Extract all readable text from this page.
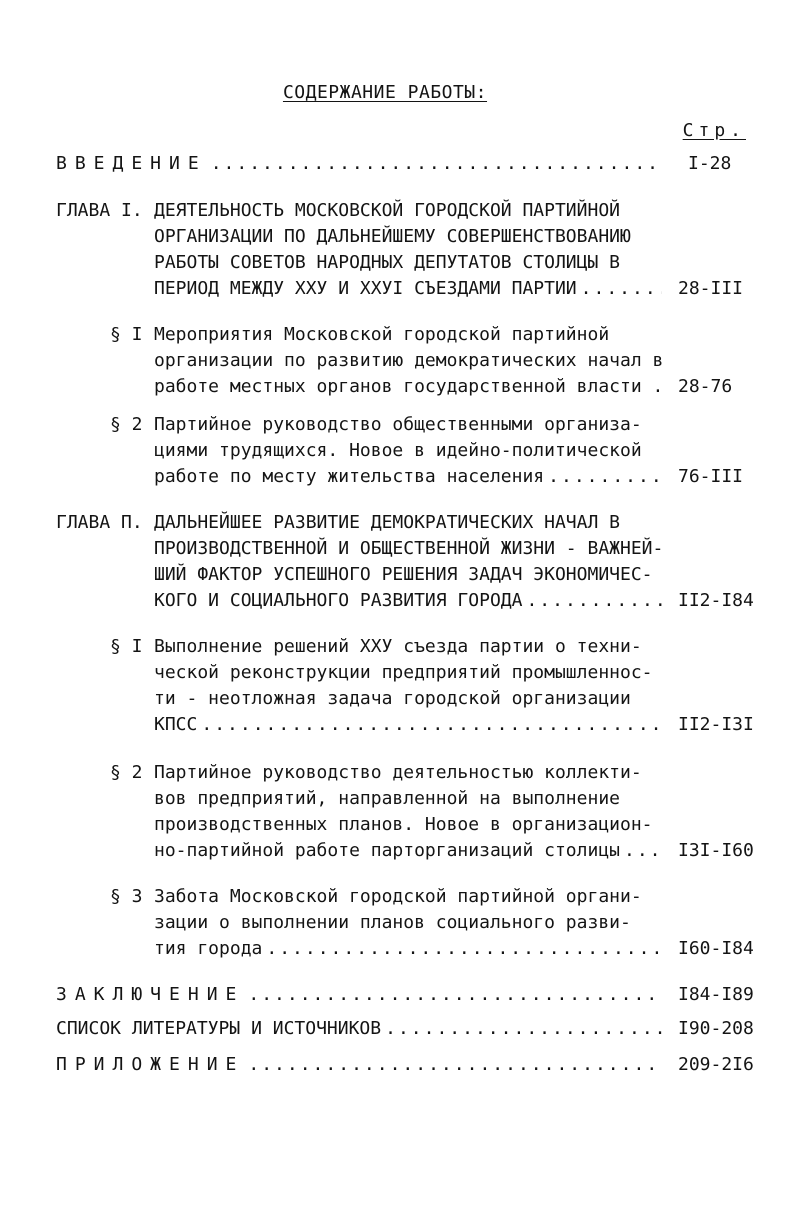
СОДЕРЖАНИЕ РАБОТЫ:
Стр.
ВВЕДЕНИЕ .....	I-28
ГЛАВА I. ДЕЯТЕЛЬНОСТЬ МОСКОВСКОЙ ГОРОДСКОЙ ПАРТИЙНОЙ
ОРГАНИЗАЦИИ ПО ДАЛЬНЕЙШЕМУ СОВЕРШЕНСТВОВАНИЮ
РАБОТЫ СОВЕТОВ НАРОДНЫХ ДЕПУТАТОВ СТОЛИЦЫ В
ПЕРИОД МЕЖДУ XXУ И XXУI СЪЕЗДАМИ ПАРТИИ .....	28-III
§ I Мероприятия Московской городской партийной
организации по развитию демократических начал в
работе местных органов государственной власти . 28-76
§ 2 Партийное руководство общественными организа-
циями трудящихся. Новое в идейно-политической
работе по месту жительства населения .....	76-III
ГЛАВА П. ДАЛЬНЕЙШЕЕ РАЗВИТИЕ ДЕМОКРАТИЧЕСКИХ НАЧАЛ В
ПРОИЗВОДСТВЕННОЙ И ОБЩЕСТВЕННОЙ ЖИЗНИ - ВАЖНЕЙ-
ШИЙ ФАКТОР УСПЕШНОГО РЕШЕНИЯ ЗАДАЧ ЭКОНОМИЧЕС-
КОГО И СОЦИАЛЬНОГО РАЗВИТИЯ ГОРОДА .....	II2-I84
§ I Выполнение решений XXУ съезда партии о техни-
ческой реконструкции предприятий промышленнос-
ти - неотложная задача городской организации
КПСС .....	II2-I3I
§ 2 Партийное руководство деятельностью коллекти-
вов предприятий, направленной на выполнение
производственных планов. Новое в организацион-
но-партийной работе парторганизаций столицы .....	I3I-I60
§ 3 Забота Московской городской партийной органи-
зации о выполнении планов социального разви-
тия города .....	I60-I84
ЗАКЛЮЧЕНИЕ .....	I84-I89
СПИСОК ЛИТЕРАТУРЫ И ИСТОЧНИКОВ .....	I90-208
ПРИЛОЖЕНИЕ .....	209-2I6
